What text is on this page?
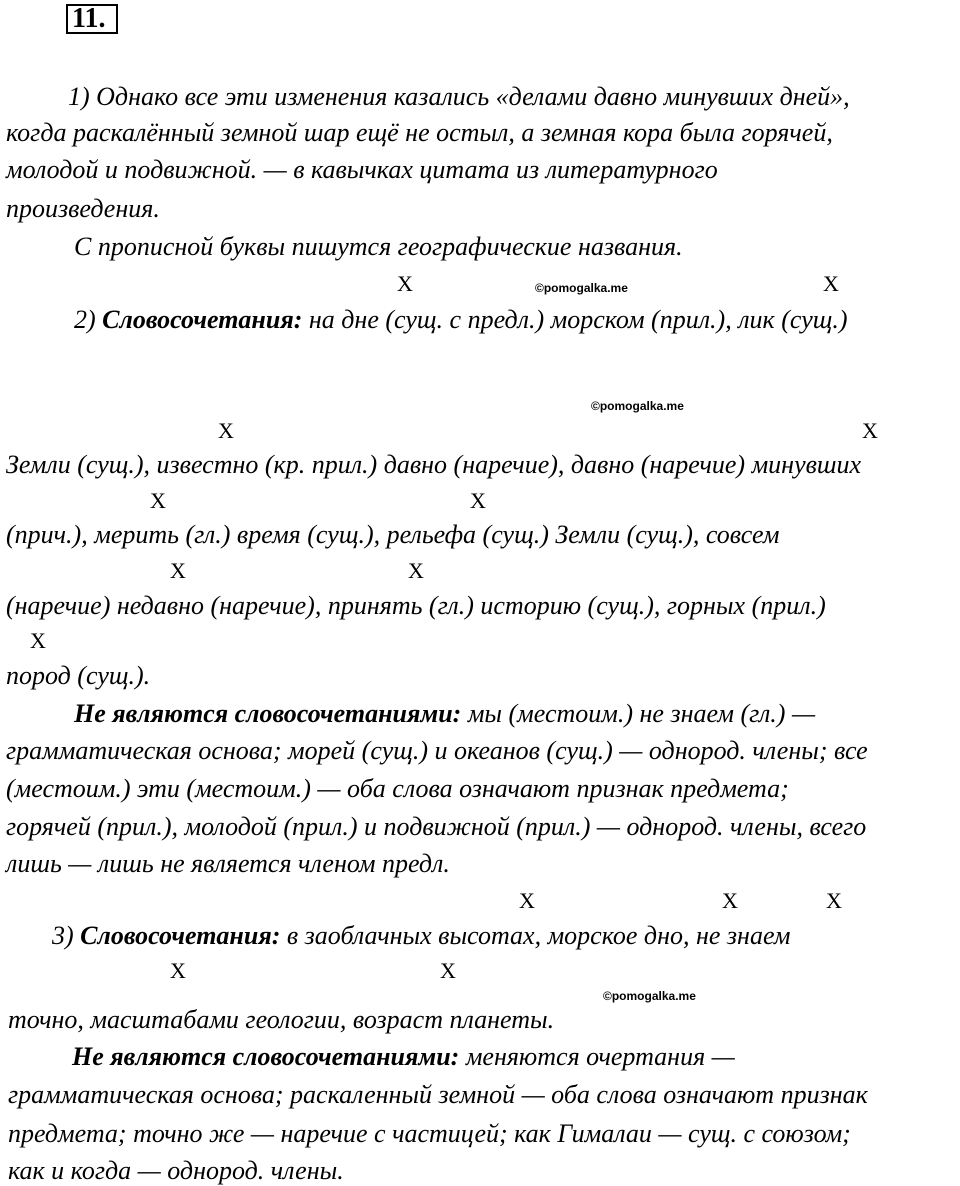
11.
1) Однако все эти изменения казались «делами давно минувших дней»,
когда раскалённый земной шар ещё не остыл, а земная кора была горячей,
молодой и подвижной. — в кавычках цитата из литературного
произведения.
С прописной буквы пишутся географические названия.
X	©pomogalka.me	X
2) Словосочетания: на дне (сущ. с предл.) морском (прил.), лик (сущ.)
©pomogalka.me
X	X
Земли (сущ.), известно (кр. прил.) давно (наречие), давно (наречие) минувших
X	X
(прич.), мерить (гл.) время (сущ.), рельефа (сущ.) Земли (сущ.), совсем
X	X
(наречие) недавно (наречие), принять (гл.) историю (сущ.), горных (прил.)
X
пород (сущ.).
Не являются словосочетаниями: мы (местоим.) не знаем (гл.) —
грамматическая основа; морей (сущ.) и океанов (сущ.) — однород. члены; все
(местоим.) эти (местоим.) — оба слова означают признак предмета;
горячей (прил.), молодой (прил.) и подвижной (прил.) — однород. члены, всего
лишь — лишь не является членом предл.
X	X	X
3) Словосочетания: в заоблачных высотах, морское дно, не знаем
X	X
©pomogalka.me
точно, масштабами геологии, возраст планеты.
Не являются словосочетаниями: меняются очертания —
грамматическая основа; раскаленный земной — оба слова означают признак
предмета; точно же — наречие с частицей; как Гималаи — сущ. с союзом;
как и когда — однород. члены.
